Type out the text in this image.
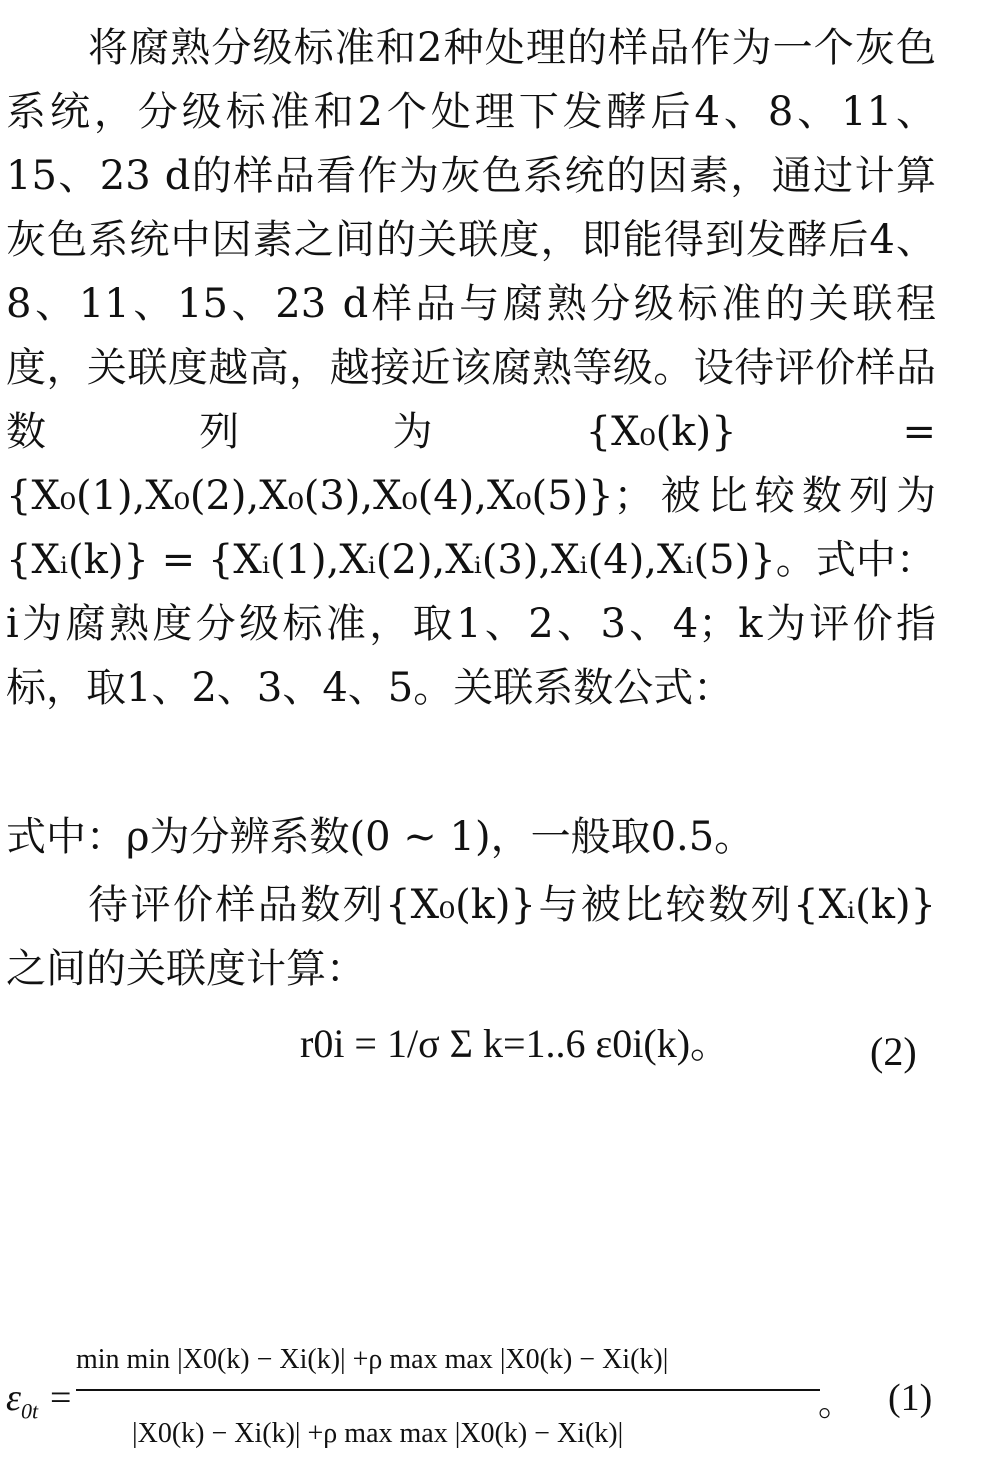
将腐熟分级标准和2种处理的样品作为一个灰色系统，分级标准和2个处理下发酵后4、8、11、15、23 d的样品看作为灰色系统的因素，通过计算灰色系统中因素之间的关联度，即能得到发酵后4、8、11、15、23 d样品与腐熟分级标准的关联程度，关联度越高，越接近该腐熟等级。设待评价样品数列为{X₀(k)} = {X₀(1),X₀(2),X₀(3),X₀(4),X₀(5)}；被比较数列为{Xᵢ(k)} = {Xᵢ(1),Xᵢ(2),Xᵢ(3),Xᵢ(4),Xᵢ(5)}。式中：i为腐熟度分级标准，取1、2、3、4；k为评价指标，取1、2、3、4、5。关联系数公式：
$\varepsilon_{0t}$ =
min min |X0(k) − Xi(k)| +ρ max max |X0(k) − Xi(k)|
|X0(k) − Xi(k)| +ρ max max |X0(k) − Xi(k)|
。 (1)
式中：ρ为分辨系数(0 ~ 1)，一般取0.5。
待评价样品数列{X₀(k)}与被比较数列{Xᵢ(k)}之间的关联度计算：
r0i = 1/σ Σ k=1..6 ε0i(k)。	(2)
